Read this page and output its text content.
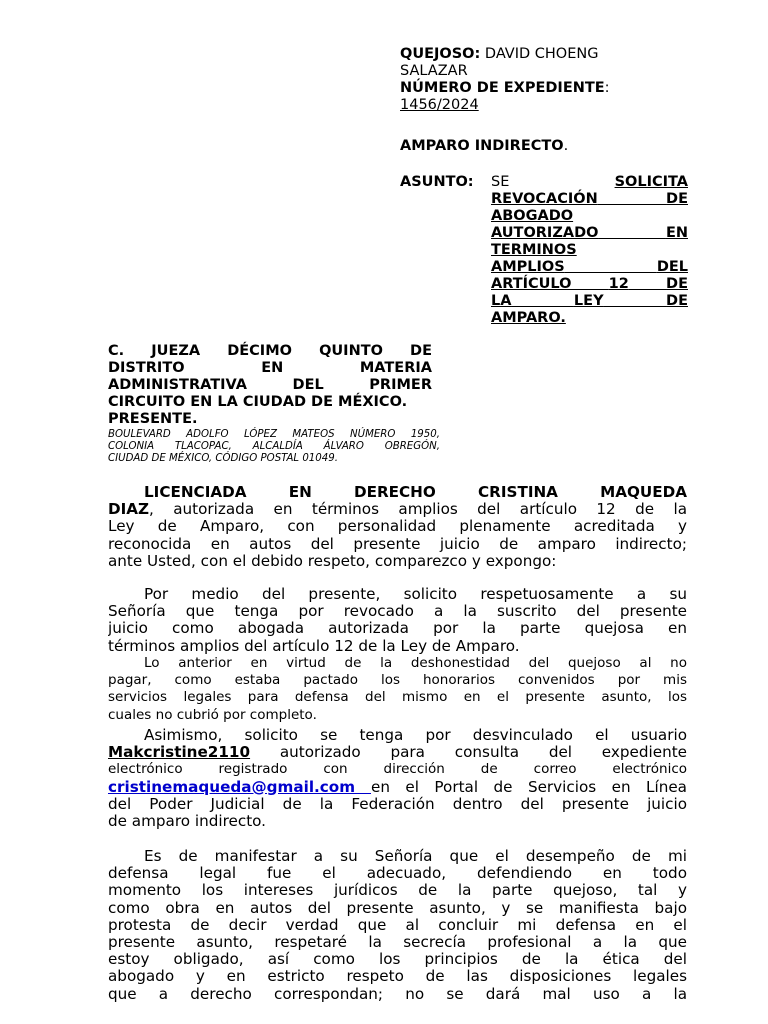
QUEJOSO: DAVID CHOENG
SALAZAR
NÚMERO DE EXPEDIENTE:
1456/2024
AMPARO INDIRECTO.
ASUNTO: SE	SOLICITA
REVOCACIÓN	DE
ABOGADO
AUTORIZADO	EN
TERMINOS
AMPLIOS	DEL
ARTÍCULO	12	DE
LA	LEY	DE
AMPARO.
C. JUEZA DÉCIMO QUINTO DE
DISTRITO EN MATERIA
ADMINISTRATIVA DEL PRIMER
CIRCUITO EN LA CIUDAD DE MÉXICO.
PRESENTE.
BOULEVARD ADOLFO LÓPEZ MATEOS NÚMERO 1950,
COLONIA TLACOPAC, ALCALDÍA ÁLVARO OBREGÓN,
CIUDAD DE MÉXICO, CÓDIGO POSTAL 01049.
LICENCIADA EN DERECHO CRISTINA MAQUEDA
DIAZ, autorizada en términos amplios del artículo 12 de la
Ley de Amparo, con personalidad plenamente acreditada y
reconocida en autos del presente juicio de amparo indirecto;
ante Usted, con el debido respeto, comparezco y expongo:
Por medio del presente, solicito respetuosamente a su
Señoría que tenga por revocado a la suscrito del presente
juicio como abogada autorizada por la parte quejosa en
términos amplios del artículo 12 de la Ley de Amparo.
Lo anterior en virtud de la deshonestidad del quejoso al no
pagar, como estaba pactado los honorarios convenidos por mis
servicios legales para defensa del mismo en el presente asunto, los
cuales no cubrió por completo.
Asimismo, solicito se tenga por desvinculado el usuario
Makcristine2110 autorizado para consulta del expediente
electrónico registrado con dirección de correo electrónico
cristinemaqueda@gmail.com en el Portal de Servicios en Línea
del Poder Judicial de la Federación dentro del presente juicio
de amparo indirecto.
Es de manifestar a su Señoría que el desempeño de mi
defensa legal fue el adecuado, defendiendo en todo
momento los intereses jurídicos de la parte quejoso, tal y
como obra en autos del presente asunto, y se manifiesta bajo
protesta de decir verdad que al concluir mi defensa en el
presente asunto, respetaré la secrecía profesional a la que
estoy obligado, así como los principios de la ética del
abogado y en estricto respeto de las disposiciones legales
que a derecho correspondan; no se dará mal uso a la
